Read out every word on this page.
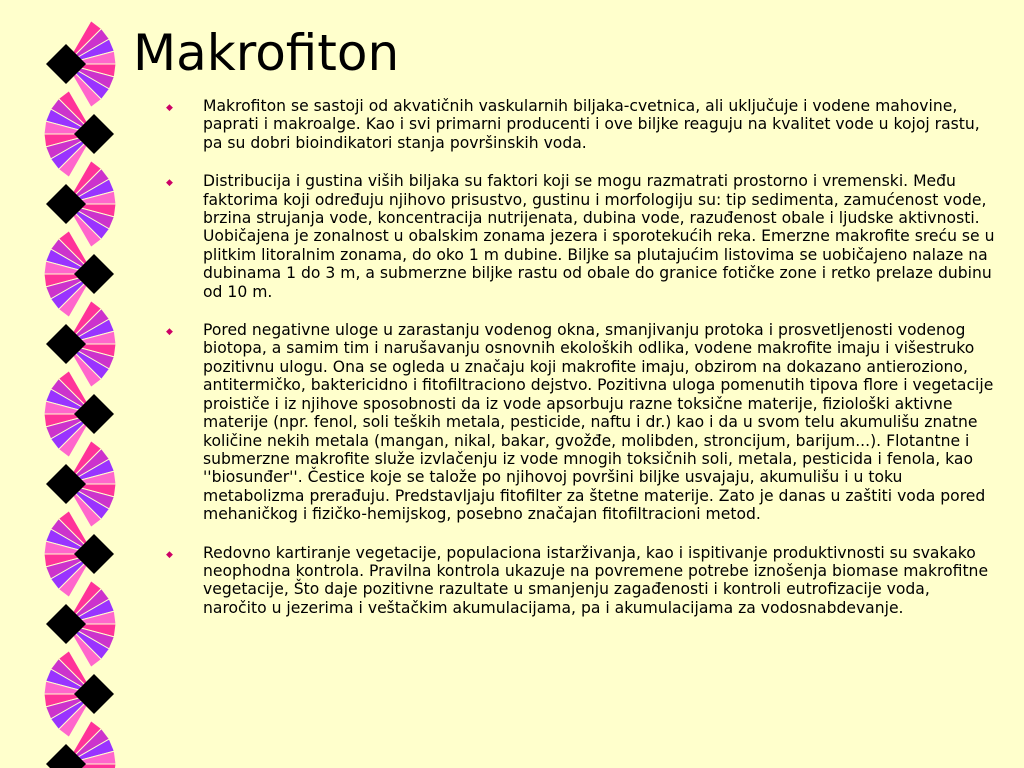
Makrofiton
◆ Makrofiton se sastoji od akvatičnih vaskularnih biljaka-cvetnica, ali uključuje i vodene mahovine, paprati i makroalge. Kao i svi primarni producenti i ove biljke reaguju na kvalitet vode u kojoj rastu, pa su dobri bioindikatori stanja površinskih voda.
◆ Distribucija i gustina viših biljaka su faktori koji se mogu razmatrati prostorno i vremenski. Među faktorima koji određuju njihovo prisustvo, gustinu i morfologiju su: tip sedimenta, zamućenost vode, brzina strujanja vode, koncentracija nutrijenata, dubina vode, razuđenost obale i ljudske aktivnosti. Uobičajena je zonalnost u obalskim zonama jezera i sporotekućih reka. Emerzne makrofite sreću se u plitkim litoralnim zonama, do oko 1 m dubine. Biljke sa plutajućim listovima se uobičajeno nalaze na dubinama 1 do 3 m, a submerzne biljke rastu od obale do granice fotičke zone i retko prelaze dubinu od 10 m.
◆ Pored negativne uloge u zarastanju vodenog okna, smanjivanju protoka i prosvetljenosti vodenog biotopa, a samim tim i narušavanju osnovnih ekoloških odlika, vodene makrofite imaju i višestruko pozitivnu ulogu. Ona se ogleda u značaju koji makrofite imaju, obzirom na dokazano antierozionо, antitermičko, baktericidno i fitofiltraciono dejstvo. Pozitivna uloga pomenutih tipova flore i vegetacije proističe i iz njihove sposobnosti da iz vode apsorbuju razne toksične materije, fiziološki aktivne materije (npr. fenol, soli teških metala, pesticide, naftu i dr.) kao i da u svom telu akumulišu znatne količine nekih metala (mangan, nikal, bakar, gvožđe, molibden, stroncijum, barijum...). Flotantne i submerzne makrofite služe izvlačenju iz vode mnogih toksičnih soli, metala, pesticida i fenola, kao ''biosunđer''. Čestice koje se talože po njihovoj površini biljke usvajaju, akumulišu i u toku metabolizma prerađuju. Predstavljaju fitofilter za štetne materije. Zato je danas u zaštiti voda pored mehaničkog i fizičko-hemijskog, posebno značajan fitofiltracioni metod.
◆ Redovno kartiranje vegetacije, populaciona istarživanja, kao i ispitivanje produktivnosti su svakako neophodna kontrola. Pravilna kontrola ukazuje na povremene potrebe iznošenja biomase makrofitne vegetacije, Što daje pozitivne razultate u smanjenju zagađenosti i kontroli eutrofizacije voda, naročito u jezerima i veštačkim akumulacijama, pa i akumulacijama za vodosnabdevanje.
